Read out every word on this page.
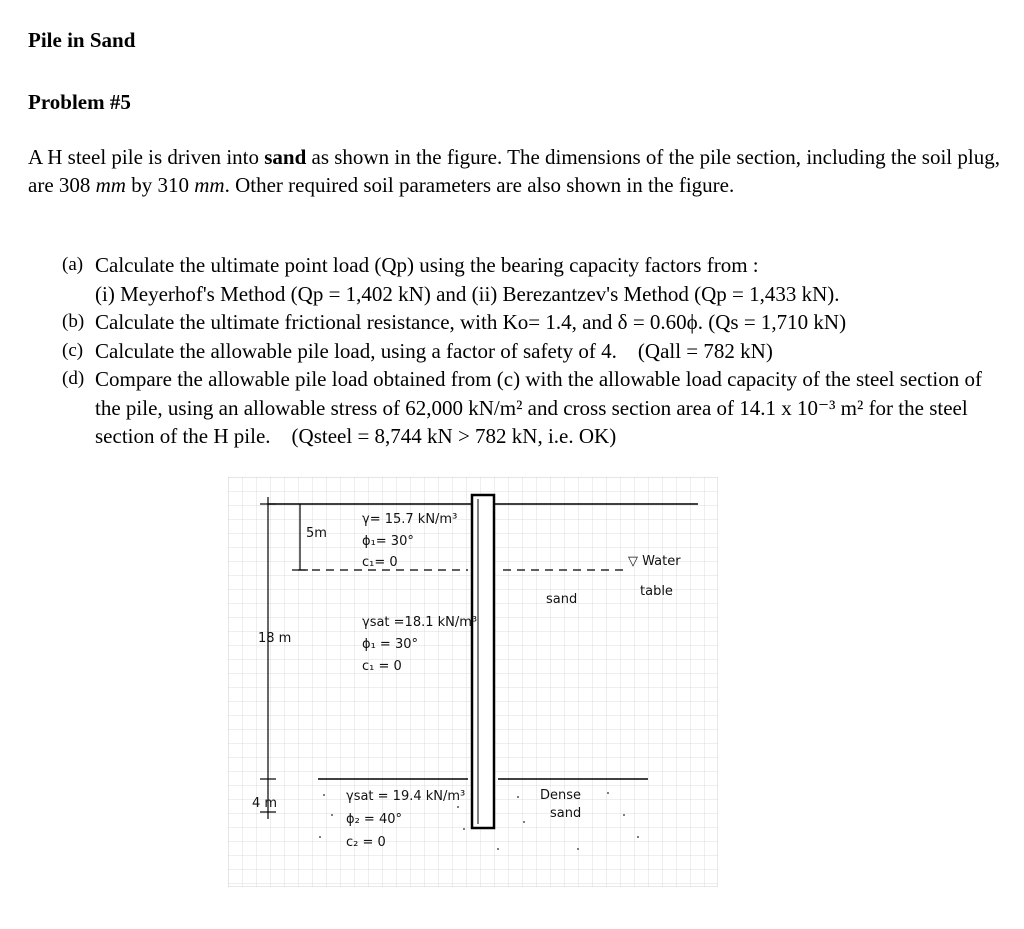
Pile in Sand
Problem #5

A H steel pile is driven into sand as shown in the figure. The dimensions of the pile section, including the soil plug, are 308 mm by 310 mm. Other required soil parameters are also shown in the figure.

(a) Calculate the ultimate point load (Qp) using the bearing capacity factors from :
(i) Meyerhof's Method (Qp = 1,402 kN) and (ii) Berezantzev's Method (Qp = 1,433 kN).
(b) Calculate the ultimate frictional resistance, with Ko= 1.4, and δ = 0.60ϕ. (Qs = 1,710 kN)
(c) Calculate the allowable pile load, using a factor of safety of 4. (Qall = 782 kN)
(d) Compare the allowable pile load obtained from (c) with the allowable load capacity of the steel section of the pile, using an allowable stress of 62,000 kN/m² and cross section area of 14.1 x 10⁻³ m² for the steel section of the H pile. (Qsteel = 8,744 kN > 782 kN, i.e. OK)
18 m
5m
4 m
γ= 15.7 kN/m³
ϕ₁= 30°
c₁= 0
γsat =18.1 kN/m³
ϕ₁ = 30°
c₁ = 0
sand
γsat = 19.4 kN/m³
ϕ₂ = 40°
c₂ = 0
Dense
sand
▽ Water
table
